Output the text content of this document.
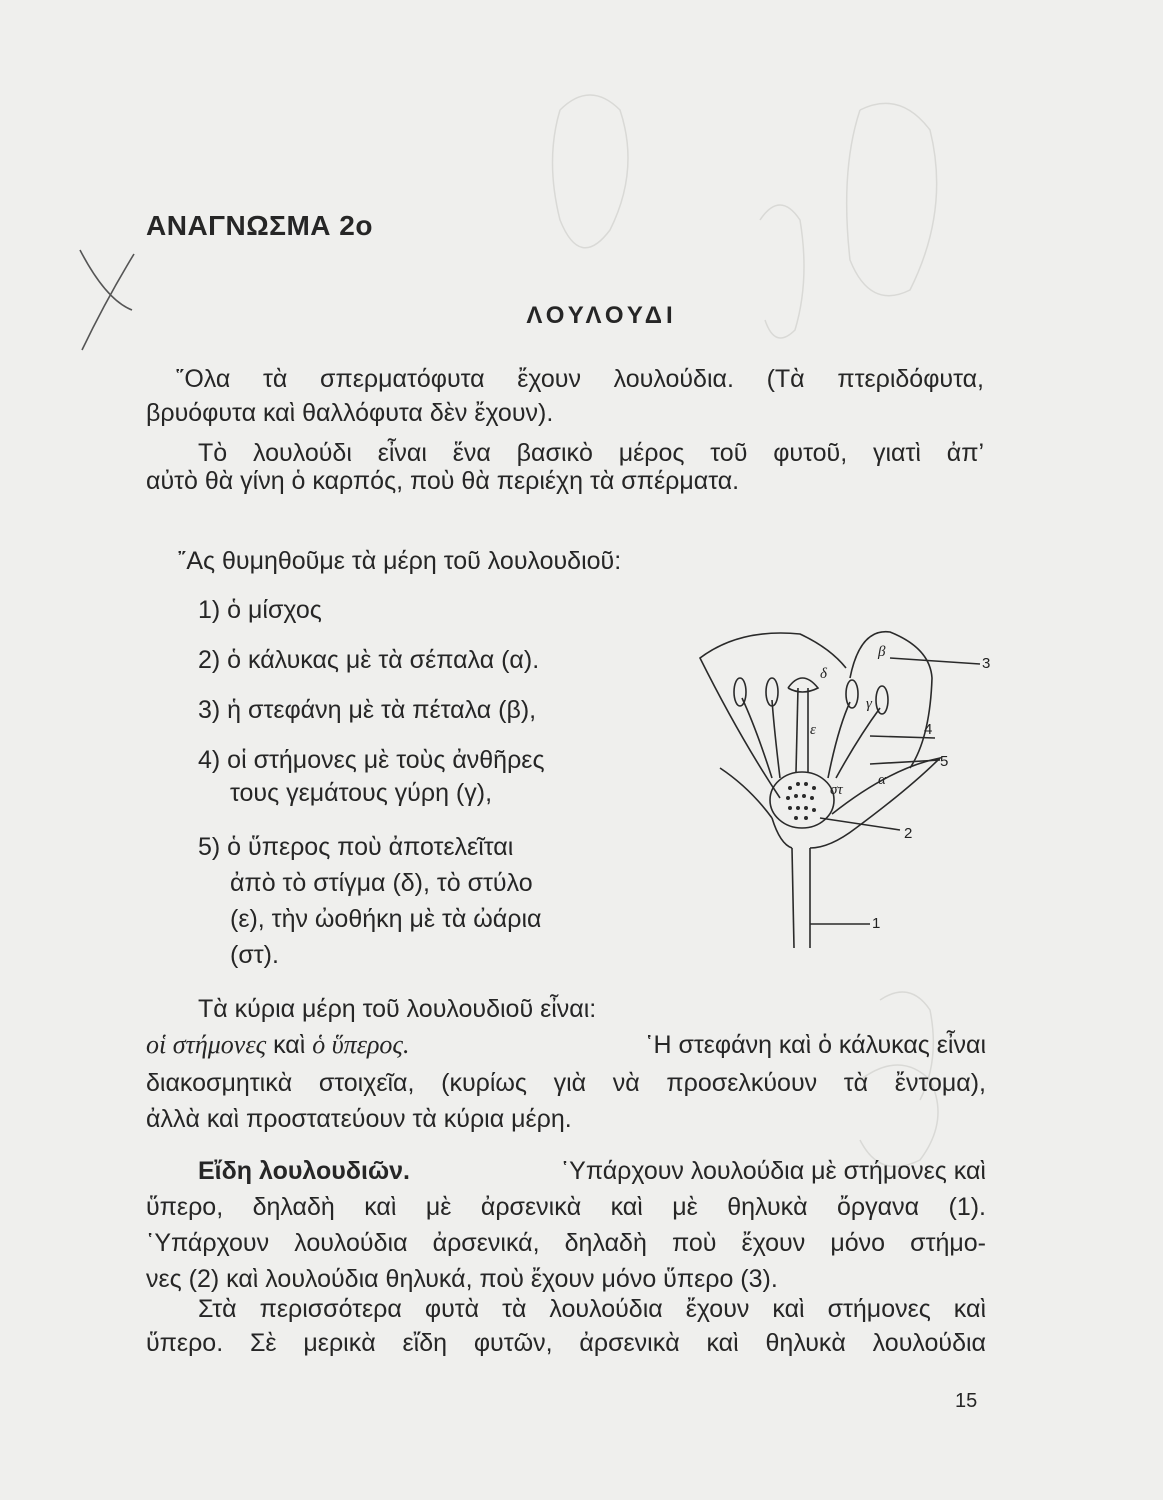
ΑΝΑΓΝΩΣΜΑ 2ο
ΛΟΥΛΟΥΔΙ
῞Ολα τὰ σπερματόφυτα ἔχουν λουλούδια. (Τὰ πτεριδόφυτα,
βρυόφυτα καὶ θαλλόφυτα δὲν ἔχουν).
Τὸ λουλούδι εἶναι ἕνα βασικὸ μέρος τοῦ φυτοῦ, γιατὶ ἀπ’
αὐτὸ θὰ γίνη ὁ καρπός, ποὺ θὰ περιέχη τὰ σπέρματα.
῎Ας θυμηθοῦμε τὰ μέρη τοῦ λουλουδιοῦ:
1) ὁ μίσχος
2) ὁ κάλυκας μὲ τὰ σέπαλα (α).
3) ἡ στεφάνη μὲ τὰ πέταλα (β),
4) οἱ στήμονες μὲ τοὺς ἀνθῆρες
τους γεμάτους γύρη (γ),
5) ὁ ὕπερος ποὺ ἀποτελεῖται
ἀπὸ τὸ στίγμα (δ), τὸ στύλο
(ε), τὴν ὠοθήκη μὲ τὰ ὠάρια
(στ).
β
δ
γ
ε
α
στ
3
4
5
2
1
Τὰ κύρια μέρη τοῦ λουλουδιοῦ εἶναι:
οἱ στήμονες καὶ ὁ ὕπερος.	῾Η στεφάνη καὶ ὁ κάλυκας εἶναι
διακοσμητικὰ στοιχεῖα, (κυρίως γιὰ νὰ προσελκύουν τὰ ἔντομα),
ἀλλὰ καὶ προστατεύουν τὰ κύρια μέρη.
Εἴδη λουλουδιῶν.	῾Υπάρχουν λουλούδια μὲ στήμονες καὶ
ὕπερο, δηλαδὴ καὶ μὲ ἀρσενικὰ καὶ μὲ θηλυκὰ ὄργανα (1).
῾Υπάρχουν λουλούδια ἀρσενικά, δηλαδὴ ποὺ ἔχουν μόνο στήμο-
νες (2) καὶ λουλούδια θηλυκά, ποὺ ἔχουν μόνο ὕπερο (3).
Στὰ περισσότερα φυτὰ τὰ λουλούδια ἔχουν καὶ στήμονες καὶ
ὕπερο. Σὲ μερικὰ εἴδη φυτῶν, ἀρσενικὰ καὶ θηλυκὰ λουλούδια
15
